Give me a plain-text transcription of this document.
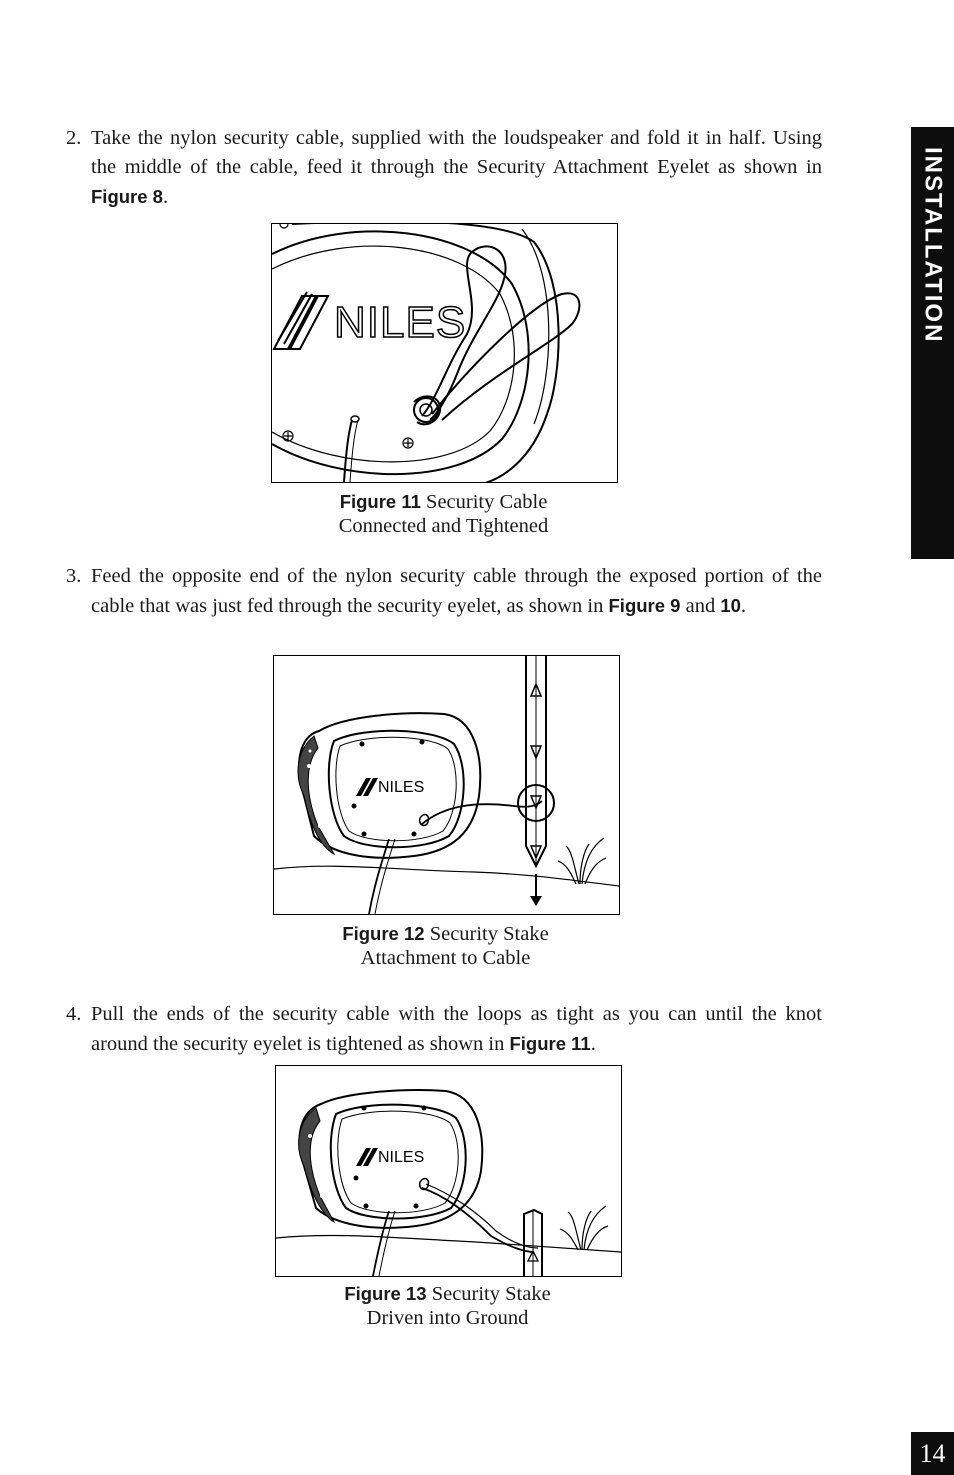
INSTALLATION
2. Take the nylon security cable, supplied with the loudspeaker and fold it in half. Using the middle of the cable, feed it through the Security Attachment Eyelet as shown in Figure 8.
NILES
Figure 11 Security Cable
Connected and Tightened
3. Feed the opposite end of the nylon security cable through the exposed portion of the cable that was just fed through the security eyelet, as shown in Figure 9 and 10.
NILES
Figure 12 Security Stake
Attachment to Cable
4. Pull the ends of the security cable with the loops as tight as you can until the knot around the security eyelet is tightened as shown in Figure 11.
NILES
Figure 13 Security Stake
Driven into Ground
14
